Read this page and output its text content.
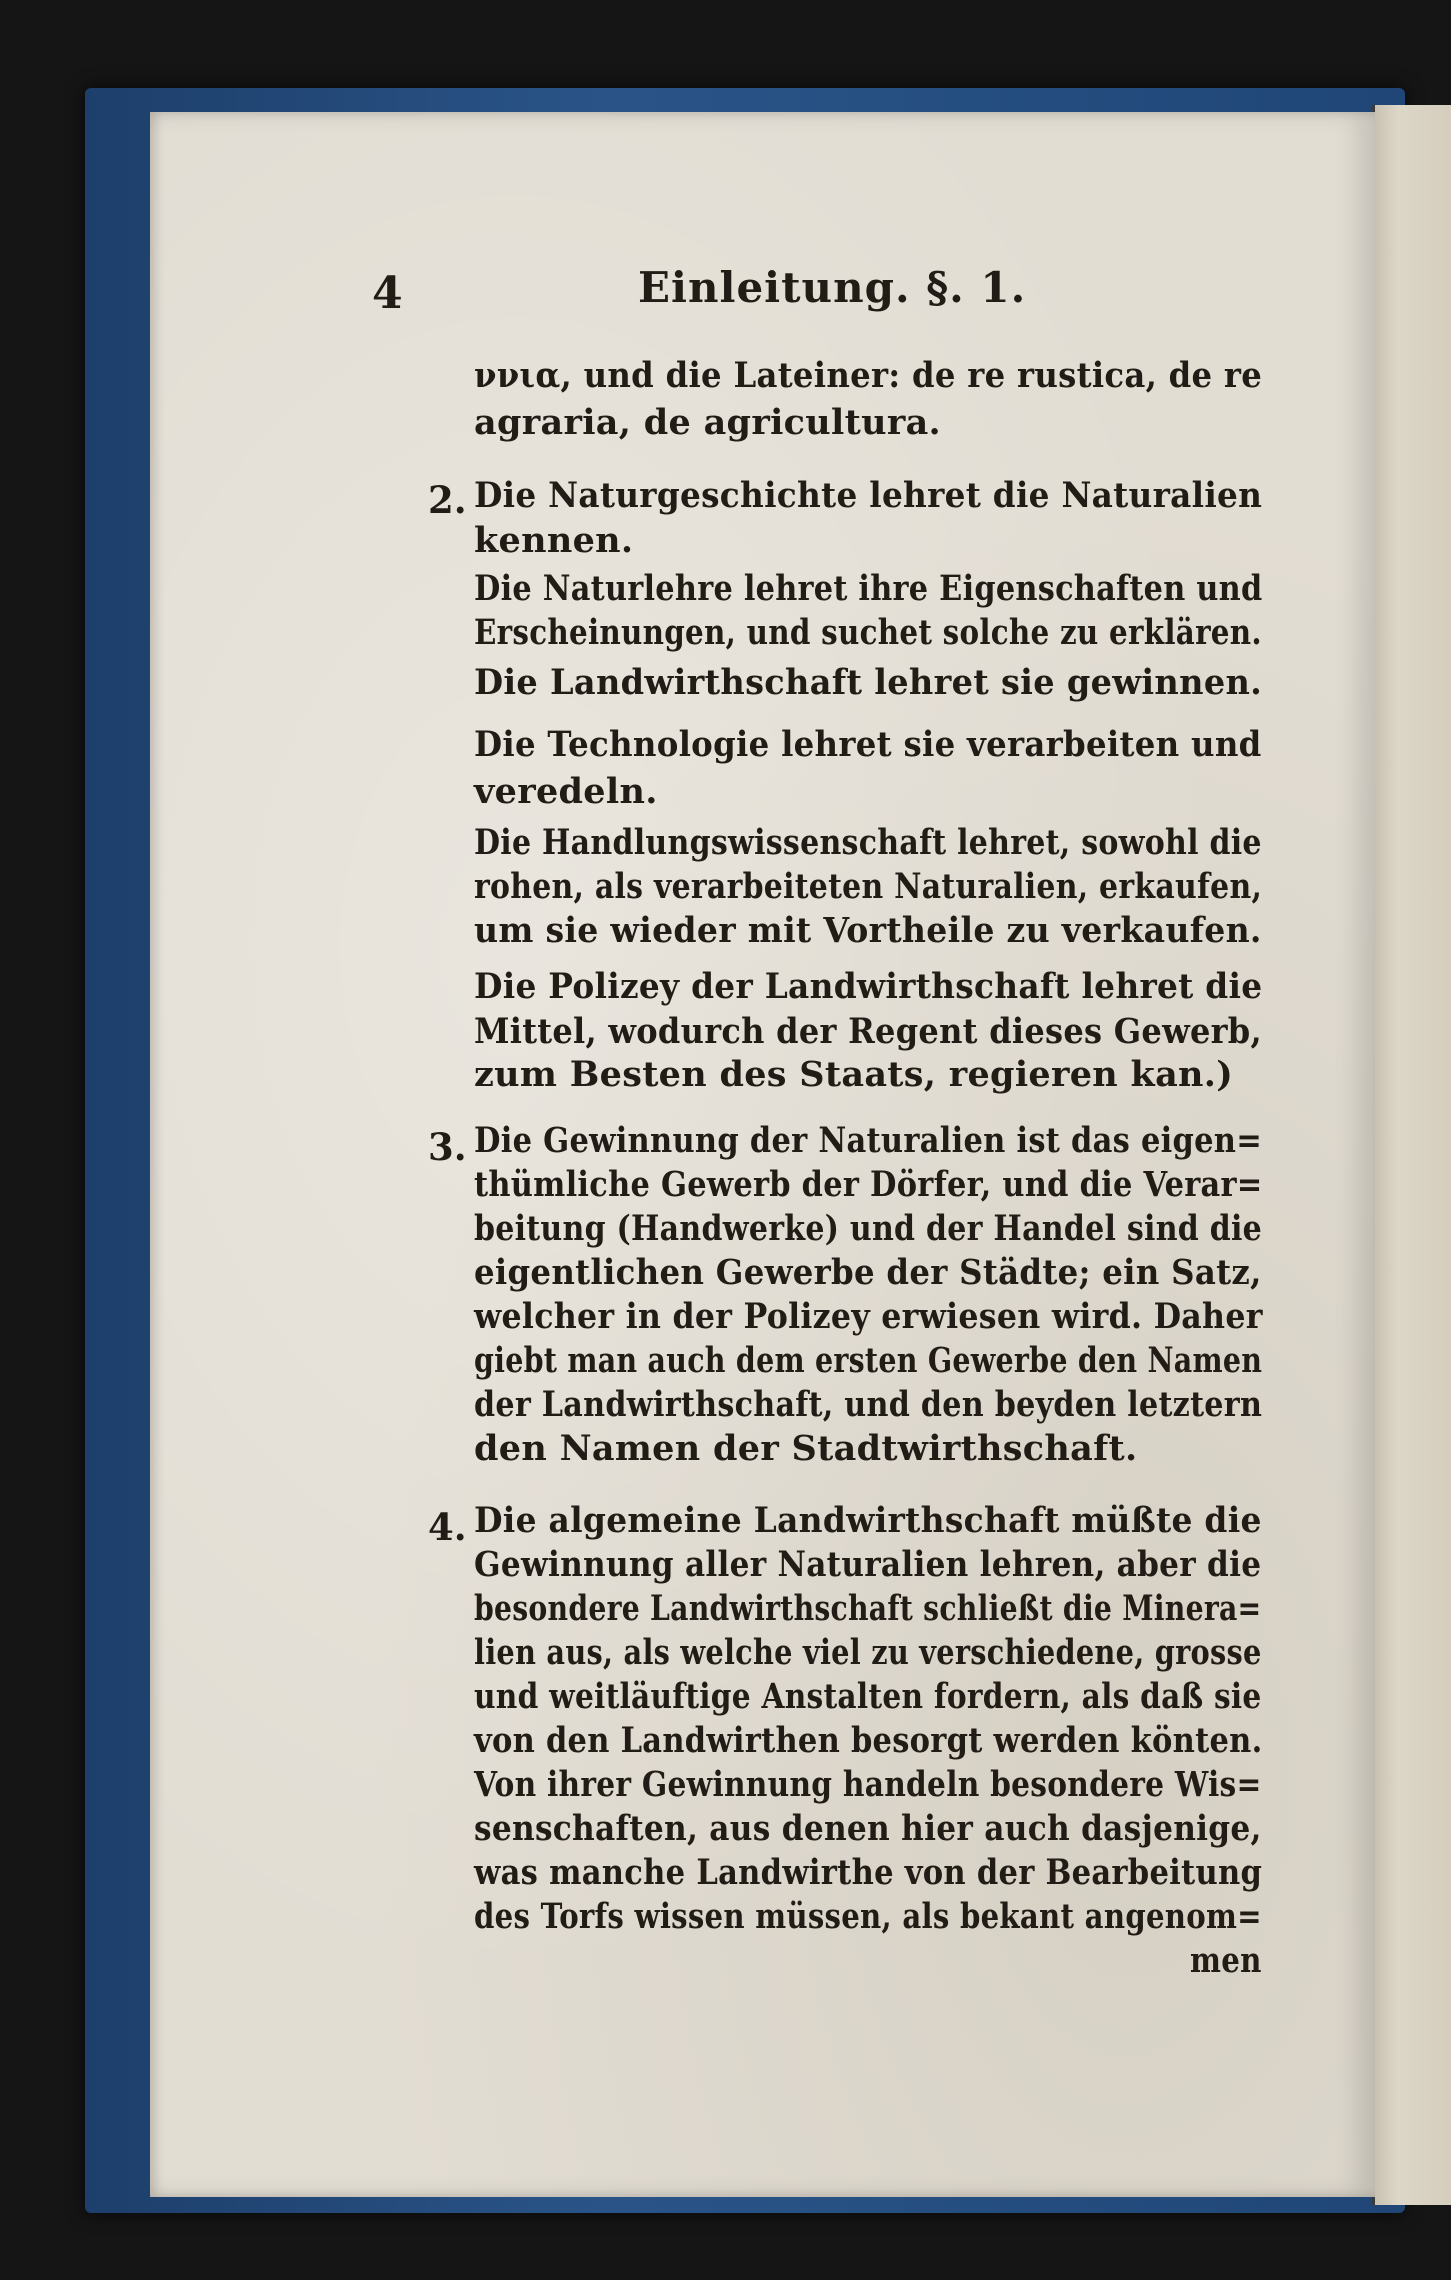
4	Einleitung. §. 1.
ννια, und die Lateiner: de re rustica, de re
agraria, de agricultura.
2. Die Naturgeschichte lehret die Naturalien
kennen.
Die Naturlehre lehret ihre Eigenschaften und
Erscheinungen, und suchet solche zu erklären.
Die Landwirthschaft lehret sie gewinnen.
Die Technologie lehret sie verarbeiten und
veredeln.
Die Handlungswissenschaft lehret, sowohl die
rohen, als verarbeiteten Naturalien, erkaufen,
um sie wieder mit Vortheile zu verkaufen.
Die Polizey der Landwirthschaft lehret die
Mittel, wodurch der Regent dieses Gewerb,
zum Besten des Staats, regieren kan.)
3. Die Gewinnung der Naturalien ist das eigen=
thümliche Gewerb der Dörfer, und die Verar=
beitung (Handwerke) und der Handel sind die
eigentlichen Gewerbe der Städte; ein Satz,
welcher in der Polizey erwiesen wird. Daher
giebt man auch dem ersten Gewerbe den Namen
der Landwirthschaft, und den beyden letztern
den Namen der Stadtwirthschaft.
4. Die algemeine Landwirthschaft müßte die
Gewinnung aller Naturalien lehren, aber die
besondere Landwirthschaft schließt die Minera=
lien aus, als welche viel zu verschiedene, grosse
und weitläuftige Anstalten fordern, als daß sie
von den Landwirthen besorgt werden könten.
Von ihrer Gewinnung handeln besondere Wis=
senschaften, aus denen hier auch dasjenige,
was manche Landwirthe von der Bearbeitung
des Torfs wissen müssen, als bekant angenom=
men
